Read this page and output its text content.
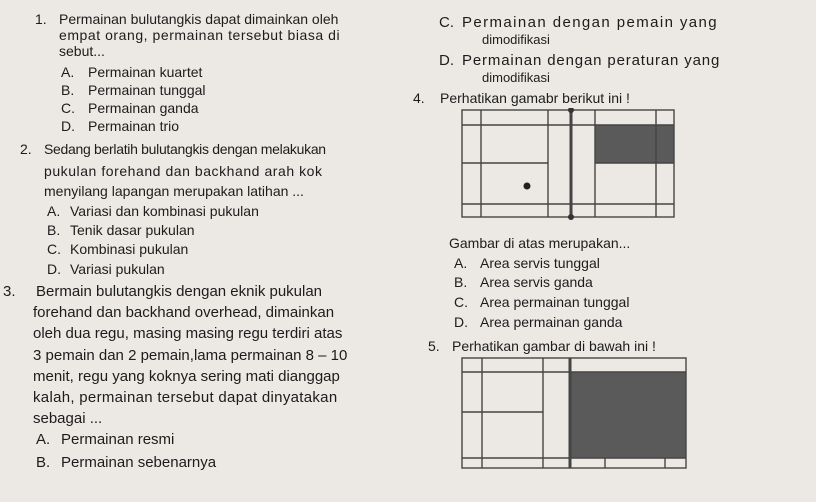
1. Permainan bulutangkis dapat dimainkan oleh
empat orang, permainan tersebut biasa di
sebut...
A. Permainan kuartet
B. Permainan tunggal
C. Permainan ganda
D. Permainan trio
2. Sedang berlatih bulutangkis dengan melakukan
pukulan forehand dan backhand arah kok
menyilang lapangan merupakan latihan ...
A. Variasi dan kombinasi pukulan
B. Tenik dasar pukulan
C. Kombinasi pukulan
D. Variasi pukulan
3. Bermain bulutangkis dengan eknik pukulan
forehand dan backhand overhead, dimainkan
oleh dua regu, masing masing regu terdiri atas
3 pemain dan 2 pemain,lama permainan 8 – 10
menit, regu yang koknya sering mati dianggap
kalah, permainan tersebut dapat dinyatakan
sebagai ...
A. Permainan resmi
B. Permainan sebenarnya
C. Permainan dengan pemain yang
dimodifikasi
D. Permainan dengan peraturan yang
dimodifikasi
4. Perhatikan gamabr berikut ini !
Gambar di atas merupakan...
A. Area servis tunggal
B. Area servis ganda
C. Area permainan tunggal
D. Area permainan ganda
5. Perhatikan gambar di bawah ini !
